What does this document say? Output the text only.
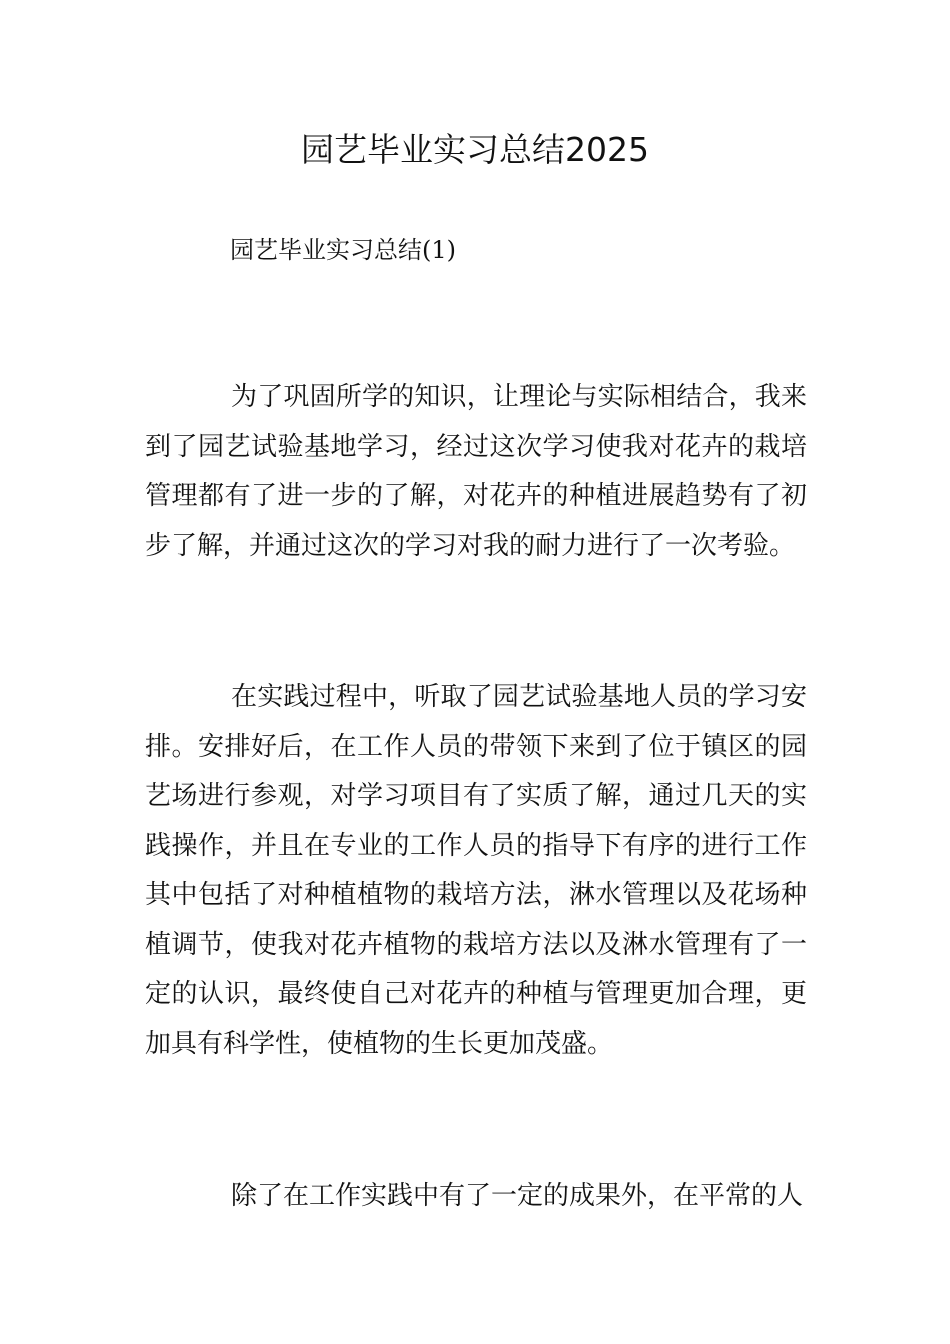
园艺毕业实习总结2025

园艺毕业实习总结(1)

为了巩固所学的知识，让理论与实际相结合，我来到了园艺试验基地学习，经过这次学习使我对花卉的栽培管理都有了进一步的了解，对花卉的种植进展趋势有了初步了解，并通过这次的学习对我的耐力进行了一次考验。

在实践过程中，听取了园艺试验基地人员的学习安排。安排好后，在工作人员的带领下来到了位于镇区的园艺场进行参观，对学习项目有了实质了解，通过几天的实践操作，并且在专业的工作人员的指导下有序的进行工作其中包括了对种植植物的栽培方法，淋水管理以及花场种植调节，使我对花卉植物的栽培方法以及淋水管理有了一定的认识，最终使自己对花卉的种植与管理更加合理，更加具有科学性，使植物的生长更加茂盛。

除了在工作实践中有了一定的成果外，在平常的人
